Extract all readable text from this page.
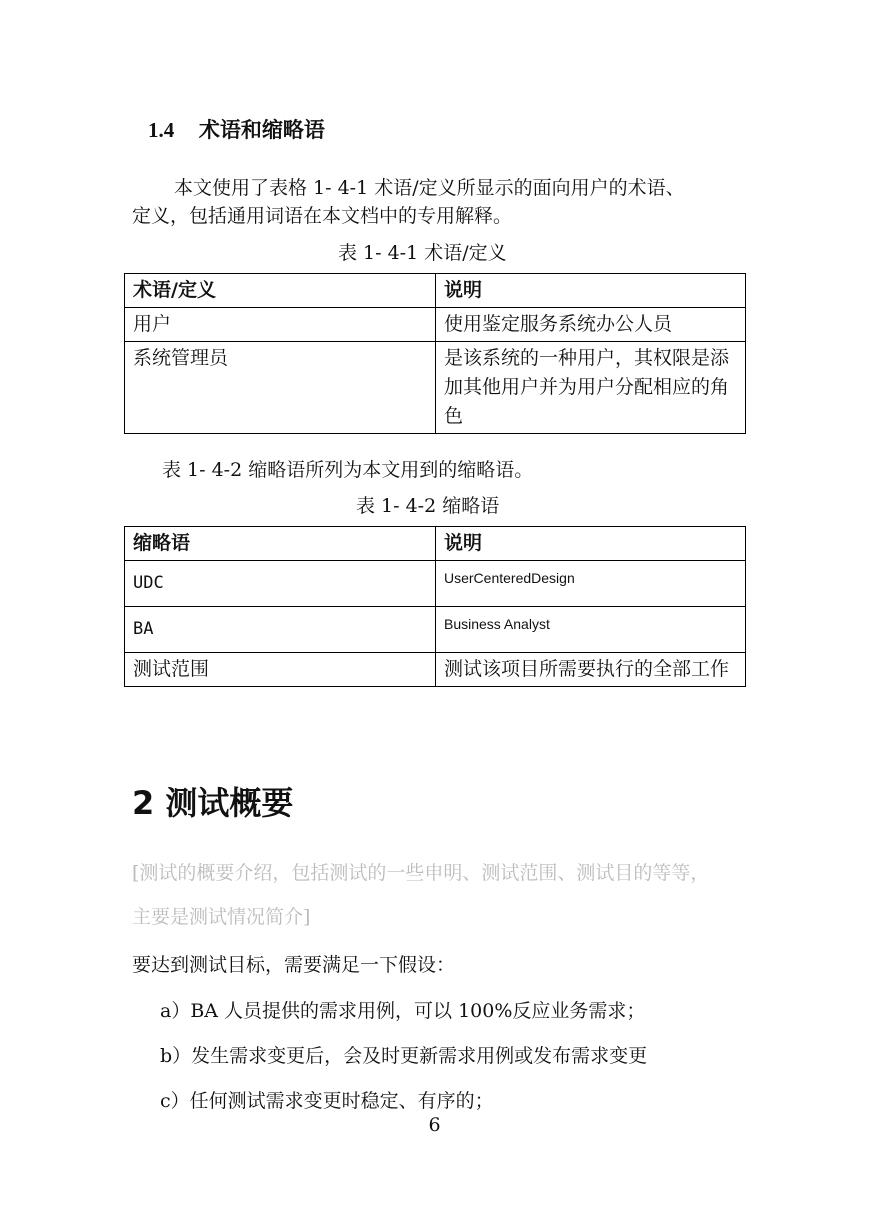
1.4 术语和缩略语
本文使用了表格 1- 4-1 术语/定义所显示的面向用户的术语、
定义，包括通用词语在本文档中的专用解释。
表 1- 4-1 术语/定义
术语/定义	说明
用户	使用鉴定服务系统办公人员
系统管理员	是该系统的一种用户，其权限是添加其他用户并为用户分配相应的角色
表 1- 4-2 缩略语所列为本文用到的缩略语。
表 1- 4-2 缩略语
缩略语	说明
UDC	UserCenteredDesign
BA	Business Analyst
测试范围	测试该项目所需要执行的全部工作
2 测试概要
[测试的概要介绍，包括测试的一些申明、测试范围、测试目的等等，
主要是测试情况简介]
要达到测试目标，需要满足一下假设：
a）BA 人员提供的需求用例，可以 100%反应业务需求；
b）发生需求变更后，会及时更新需求用例或发布需求变更
c）任何测试需求变更时稳定、有序的；
6
